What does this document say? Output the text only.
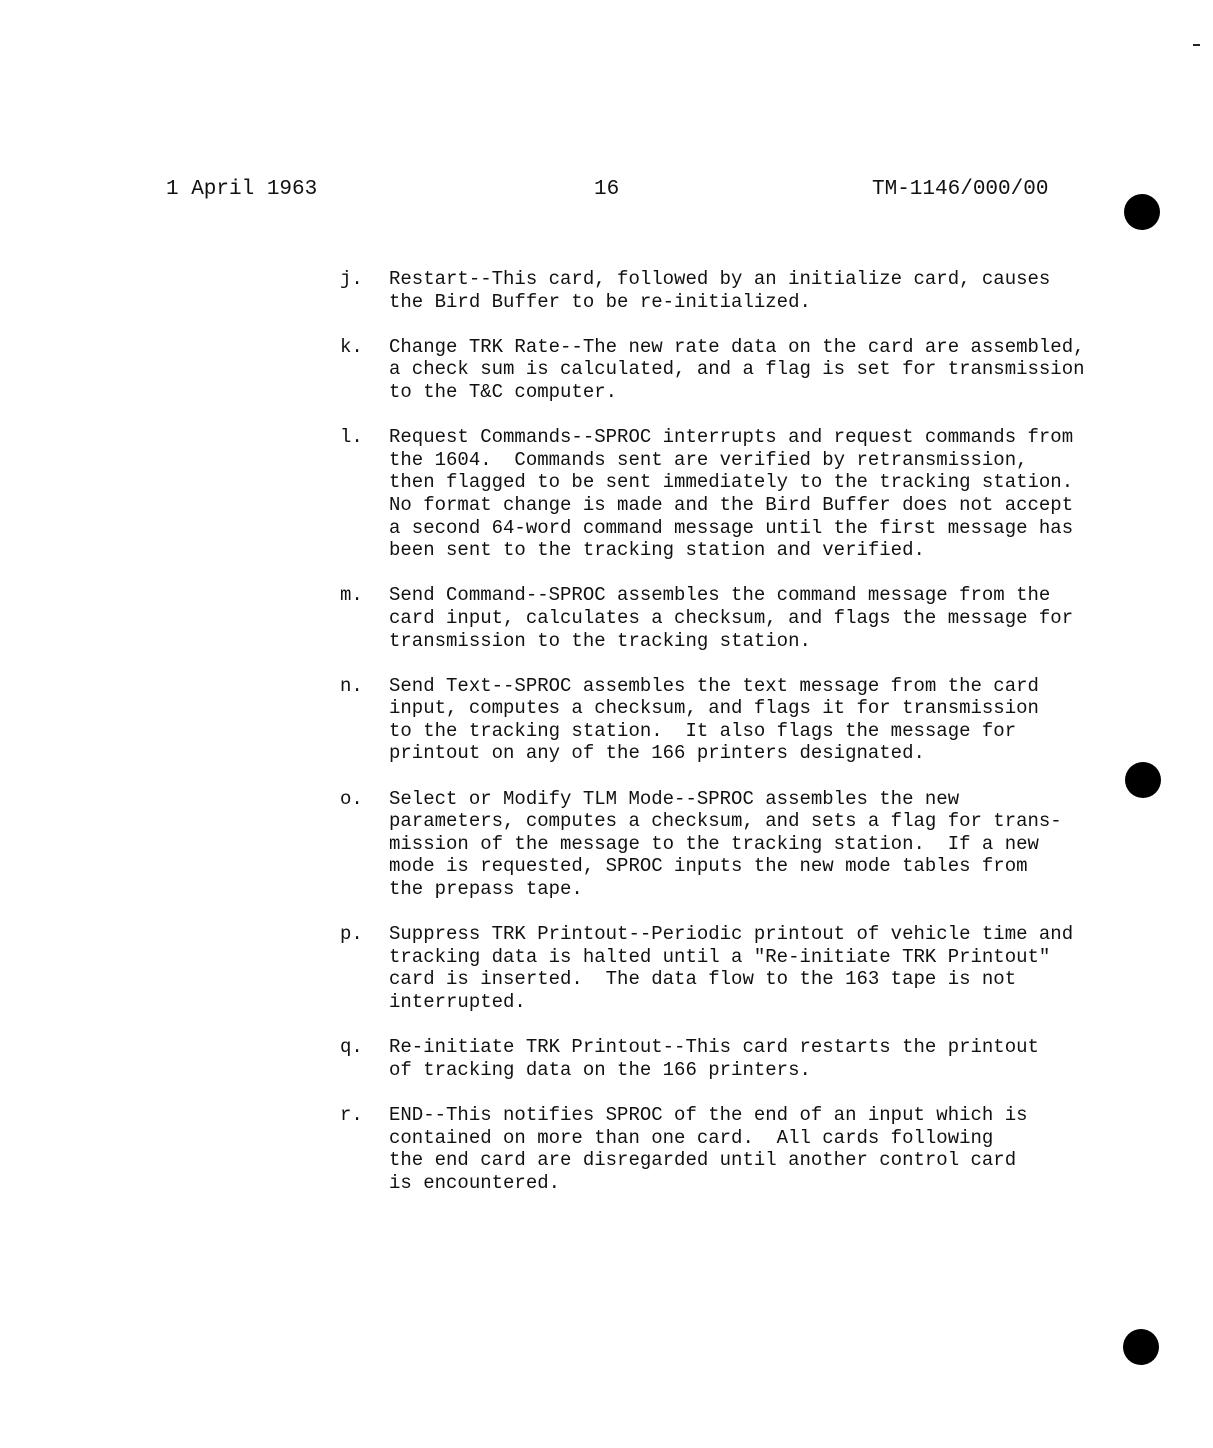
1 April 1963	16	TM-1146/000/00
j.	Restart--This card, followed by an initialize card, causes
the Bird Buffer to be re-initialized.
k.	Change TRK Rate--The new rate data on the card are assembled,
a check sum is calculated, and a flag is set for transmission
to the T&C computer.
l.	Request Commands--SPROC interrupts and request commands from
the 1604.  Commands sent are verified by retransmission,
then flagged to be sent immediately to the tracking station.
No format change is made and the Bird Buffer does not accept
a second 64-word command message until the first message has
been sent to the tracking station and verified.
m.	Send Command--SPROC assembles the command message from the
card input, calculates a checksum, and flags the message for
transmission to the tracking station.
n.	Send Text--SPROC assembles the text message from the card
input, computes a checksum, and flags it for transmission
to the tracking station.  It also flags the message for
printout on any of the 166 printers designated.
o.	Select or Modify TLM Mode--SPROC assembles the new
parameters, computes a checksum, and sets a flag for trans-
mission of the message to the tracking station.  If a new
mode is requested, SPROC inputs the new mode tables from
the prepass tape.
p.	Suppress TRK Printout--Periodic printout of vehicle time and
tracking data is halted until a "Re-initiate TRK Printout"
card is inserted.  The data flow to the 163 tape is not
interrupted.
q.	Re-initiate TRK Printout--This card restarts the printout
of tracking data on the 166 printers.
r.	END--This notifies SPROC of the end of an input which is
contained on more than one card.  All cards following
the end card are disregarded until another control card
is encountered.
